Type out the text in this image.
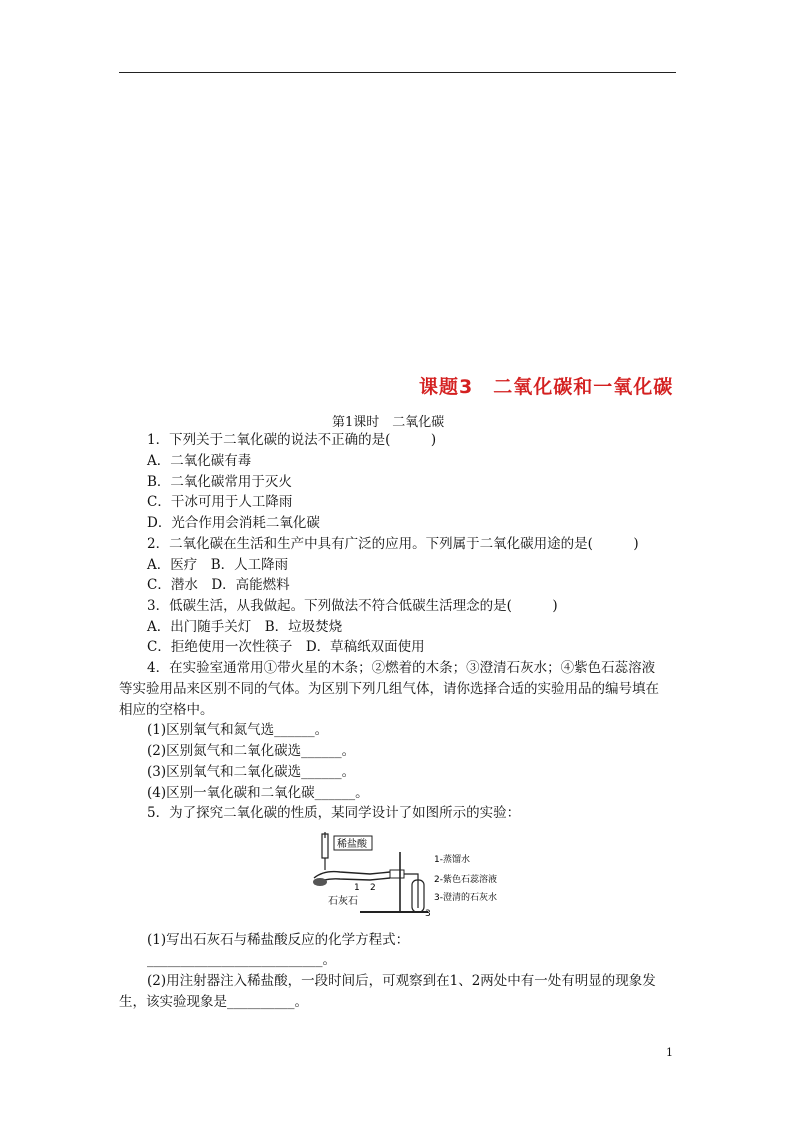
课题3　二氧化碳和一氧化碳
第1课时　二氧化碳
1．下列关于二氧化碳的说法不正确的是(　　　)
A．二氧化碳有毒
B．二氧化碳常用于灭火
C．干冰可用于人工降雨
D．光合作用会消耗二氧化碳
2．二氧化碳在生活和生产中具有广泛的应用。下列属于二氧化碳用途的是(　　　)
A．医疗　B．人工降雨
C．潜水　D．高能燃料
3．低碳生活，从我做起。下列做法不符合低碳生活理念的是(　　　)
A．出门随手关灯　B．垃圾焚烧
C．拒绝使用一次性筷子　D．草稿纸双面使用
4．在实验室通常用①带火星的木条；②燃着的木条；③澄清石灰水；④紫色石蕊溶液
等实验用品来区别不同的气体。为区别下列几组气体，请你选择合适的实验用品的编号填在
相应的空格中。
(1)区别氧气和氮气选______。
(2)区别氮气和二氧化碳选______。
(3)区别氧气和二氧化碳选______。
(4)区别一氧化碳和二氧化碳______。
5．为了探究二氧化碳的性质，某同学设计了如图所示的实验：
稀盐酸
1 2
石灰石
3
1-蒸馏水
2-紫色石蕊溶液
3-澄清的石灰水
(1)写出石灰石与稀盐酸反应的化学方程式：
__________________________。
(2)用注射器注入稀盐酸，一段时间后，可观察到在1、2两处中有一处有明显的现象发
生，该实验现象是__________。
1
